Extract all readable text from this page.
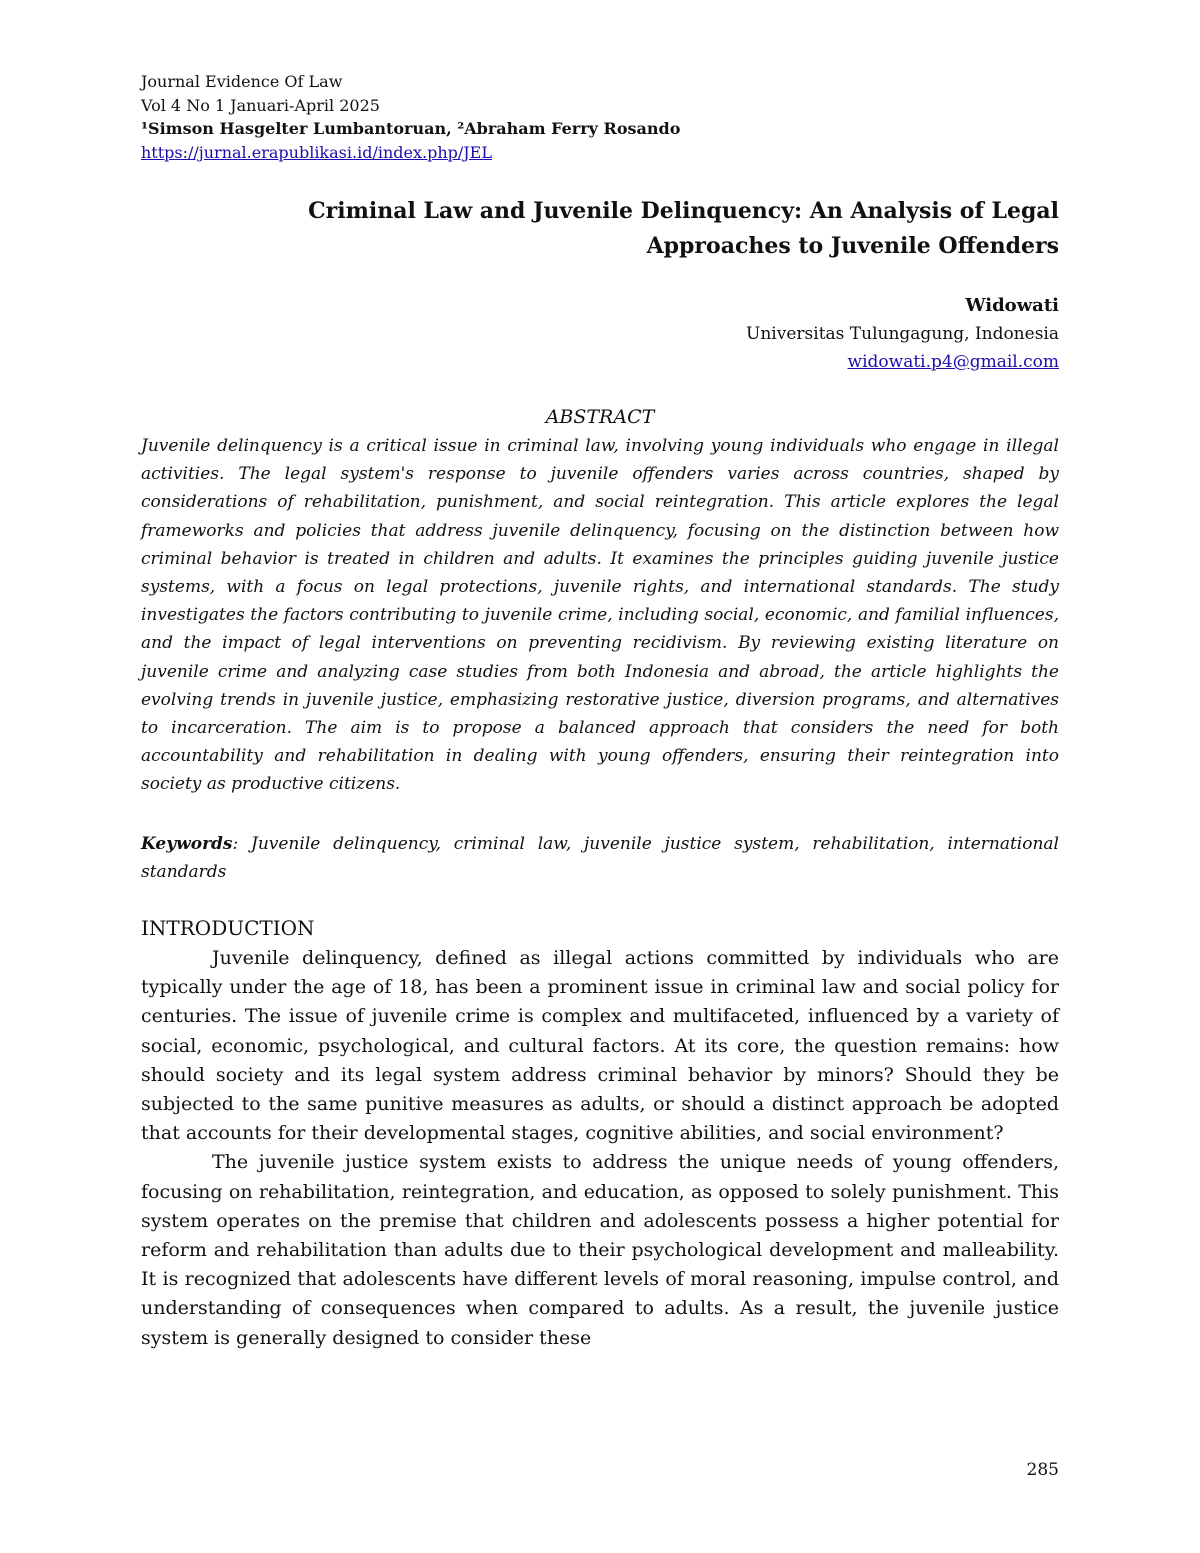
Journal Evidence Of Law
Vol 4 No 1 Januari-April 2025
¹Simson Hasgelter Lumbantoruan, ²Abraham Ferry Rosando
https://jurnal.erapublikasi.id/index.php/JEL
Criminal Law and Juvenile Delinquency: An Analysis of Legal
Approaches to Juvenile Offenders
Widowati
Universitas Tulungagung, Indonesia
widowati.p4@gmail.com
ABSTRACT

Juvenile delinquency is a critical issue in criminal law, involving young individuals who engage in illegal activities. The legal system's response to juvenile offenders varies across countries, shaped by considerations of rehabilitation, punishment, and social reintegration. This article explores the legal frameworks and policies that address juvenile delinquency, focusing on the distinction between how criminal behavior is treated in children and adults. It examines the principles guiding juvenile justice systems, with a focus on legal protections, juvenile rights, and international standards. The study investigates the factors contributing to juvenile crime, including social, economic, and familial influences, and the impact of legal interventions on preventing recidivism. By reviewing existing literature on juvenile crime and analyzing case studies from both Indonesia and abroad, the article highlights the evolving trends in juvenile justice, emphasizing restorative justice, diversion programs, and alternatives to incarceration. The aim is to propose a balanced approach that considers the need for both accountability and rehabilitation in dealing with young offenders, ensuring their reintegration into society as productive citizens.

Keywords: Juvenile delinquency, criminal law, juvenile justice system, rehabilitation, international standards

INTRODUCTION

Juvenile delinquency, defined as illegal actions committed by individuals who are typically under the age of 18, has been a prominent issue in criminal law and social policy for centuries. The issue of juvenile crime is complex and multifaceted, influenced by a variety of social, economic, psychological, and cultural factors. At its core, the question remains: how should society and its legal system address criminal behavior by minors? Should they be subjected to the same punitive measures as adults, or should a distinct approach be adopted that accounts for their developmental stages, cognitive abilities, and social environment?

The juvenile justice system exists to address the unique needs of young offenders, focusing on rehabilitation, reintegration, and education, as opposed to solely punishment. This system operates on the premise that children and adolescents possess a higher potential for reform and rehabilitation than adults due to their psychological development and malleability. It is recognized that adolescents have different levels of moral reasoning, impulse control, and understanding of consequences when compared to adults. As a result, the juvenile justice system is generally designed to consider these

285
